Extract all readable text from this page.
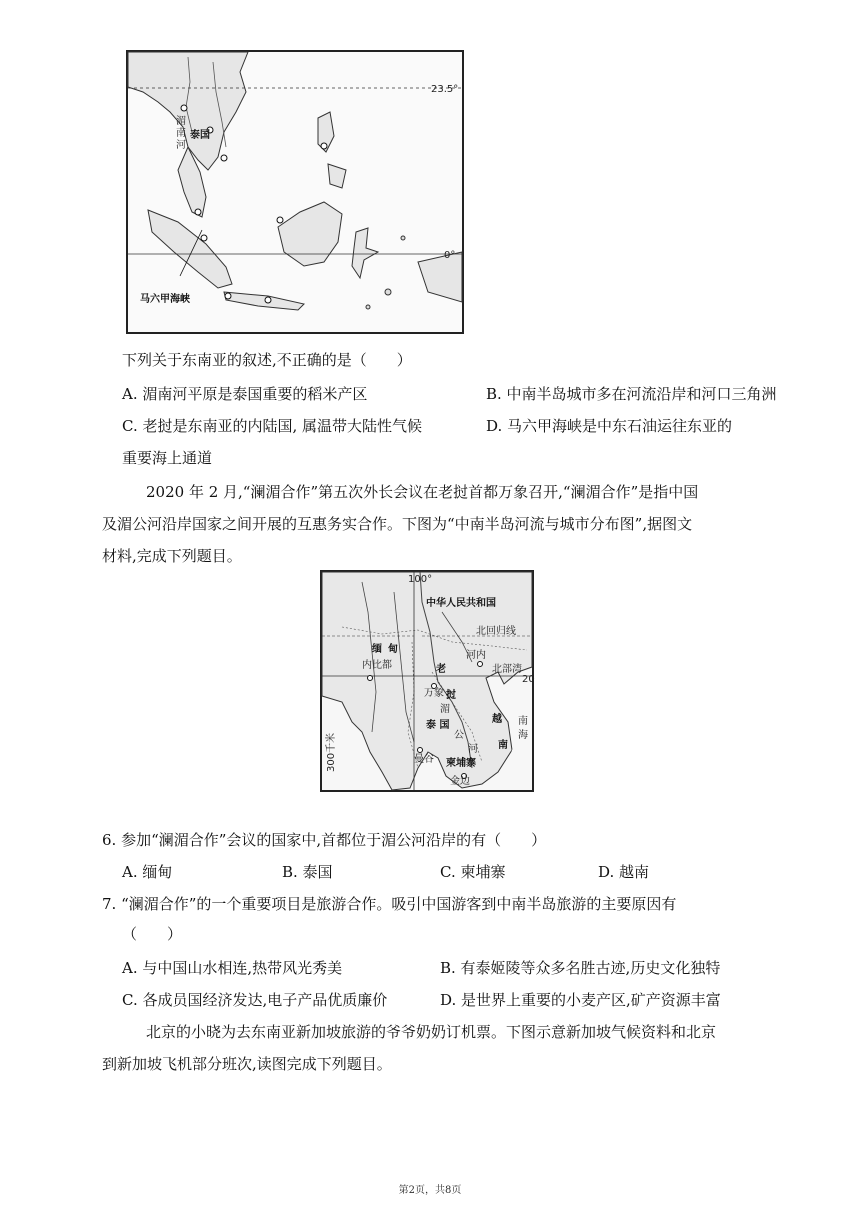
23.5°
0°
马六甲海峡
湄
南
河
泰国
下列关于东南亚的叙述,不正确的是（　　）
A. 湄南河平原是泰国重要的稻米产区	B. 中南半岛城市多在河流沿岸和河口三角洲
C. 老挝是东南亚的内陆国, 属温带大陆性气候	D. 马六甲海峡是中东石油运往东亚的
重要海上通道
2020 年 2 月,“澜湄合作”第五次外长会议在老挝首都万象召开,“澜湄合作”是指中国
及湄公河沿岸国家之间开展的互惠务实合作。下图为“中南半岛河流与城市分布图”,据图文
材料,完成下列题目。
100°
中华人民共和国
北回归线
缅 甸
内比都
河内
北部湾
20
老
挝
万象
湄
公
河
泰 国
曼谷 柬埔寨
越
南
南
海
金边
300千米
6. 参加“澜湄合作”会议的国家中,首都位于湄公河沿岸的有（　　）
A. 缅甸	B. 泰国	C. 柬埔寨	D. 越南
7. “澜湄合作”的一个重要项目是旅游合作。吸引中国游客到中南半岛旅游的主要原因有
（　　）
A. 与中国山水相连,热带风光秀美	B. 有泰姬陵等众多名胜古迹,历史文化独特
C. 各成员国经济发达,电子产品优质廉价	D. 是世界上重要的小麦产区,矿产资源丰富
北京的小晓为去东南亚新加坡旅游的爷爷奶奶订机票。下图示意新加坡气候资料和北京
到新加坡飞机部分班次,读图完成下列题目。
第2页，共8页
